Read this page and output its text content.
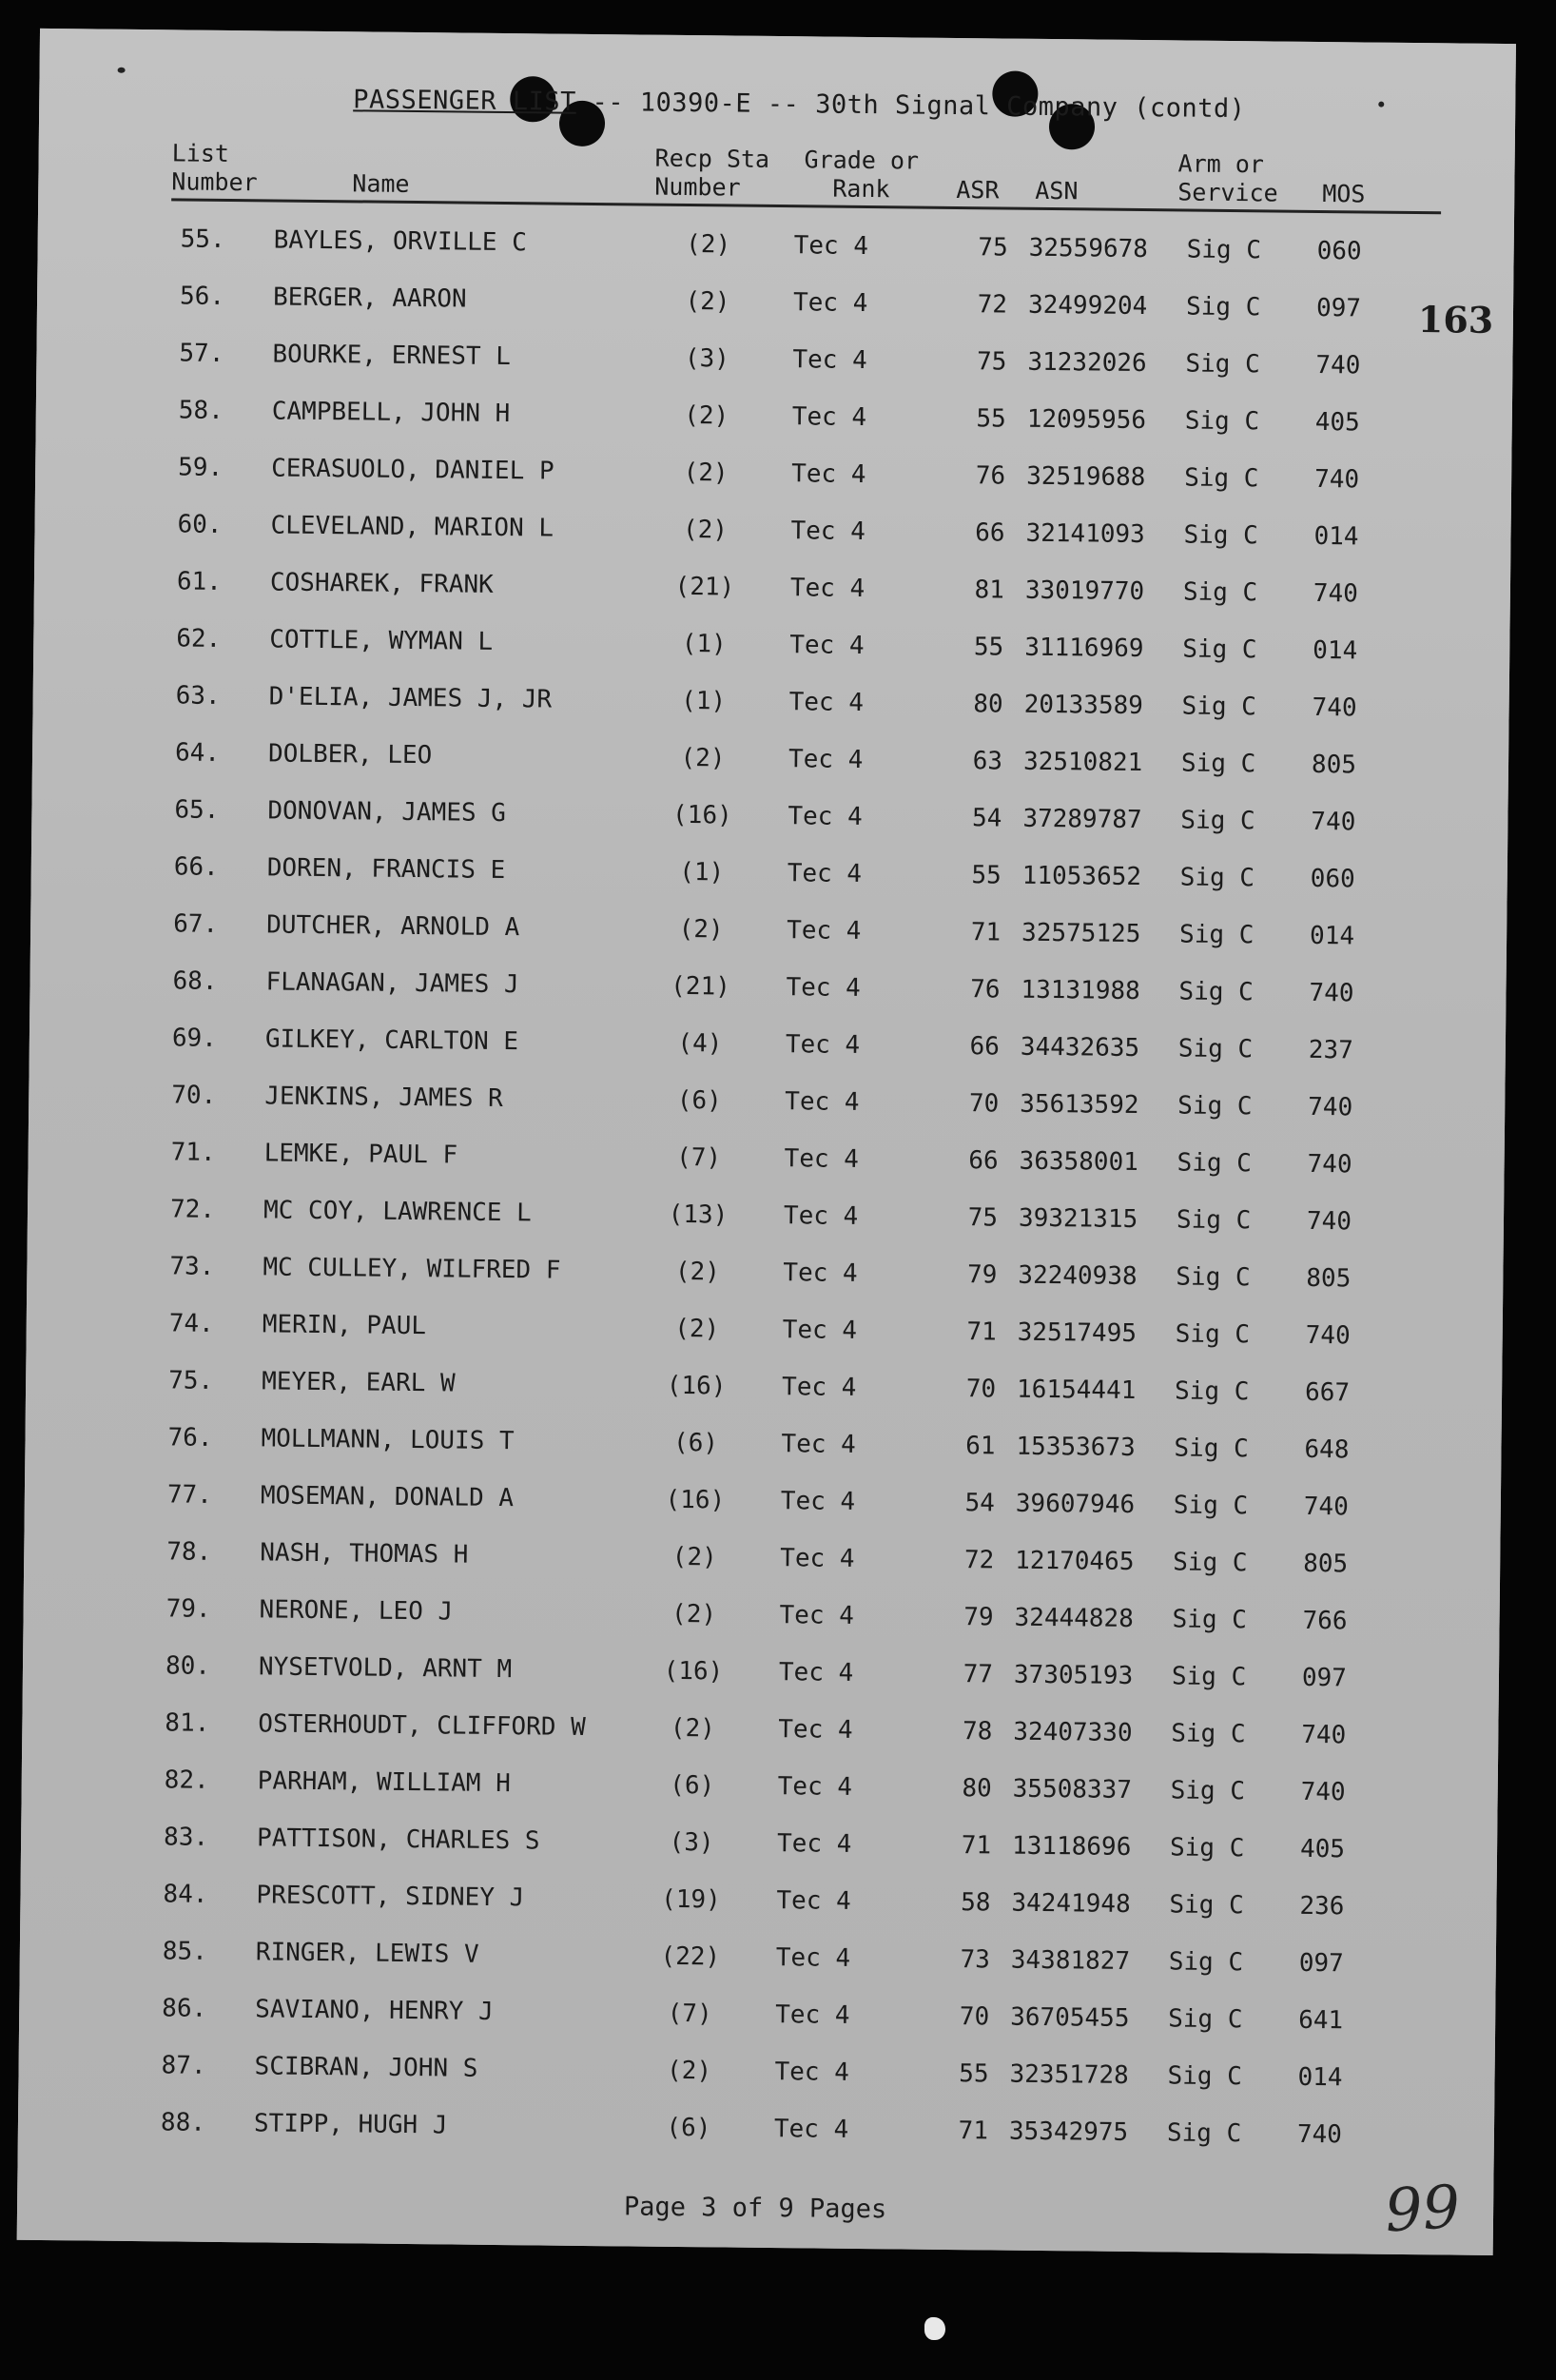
PASSENGER LIST -- 10390-E -- 30th Signal Company (contd)
List
Number	Name
Recp Sta
Number
Grade or
Rank	ASR ASN
Arm or
Service MOS
55. BAYLES, ORVILLE C	(2)	Tec 4	75 32559678 Sig C 060
56. BERGER, AARON	(2)	Tec 4	72 32499204 Sig C 097
57. BOURKE, ERNEST L	(3)	Tec 4	75 31232026 Sig C 740
58. CAMPBELL, JOHN H	(2)	Tec 4	55 12095956 Sig C 405
59. CERASUOLO, DANIEL P	(2)	Tec 4	76 32519688 Sig C 740
60. CLEVELAND, MARION L	(2)	Tec 4	66 32141093 Sig C 014
61. COSHAREK, FRANK	(21)	Tec 4	81 33019770 Sig C 740
62. COTTLE, WYMAN L	(1)	Tec 4	55 31116969 Sig C 014
63. D'ELIA, JAMES J, JR	(1)	Tec 4	80 20133589 Sig C 740
64. DOLBER, LEO	(2)	Tec 4	63 32510821 Sig C 805
65. DONOVAN, JAMES G	(16)	Tec 4	54 37289787 Sig C 740
66. DOREN, FRANCIS E	(1)	Tec 4	55 11053652 Sig C 060
67. DUTCHER, ARNOLD A	(2)	Tec 4	71 32575125 Sig C 014
68. FLANAGAN, JAMES J	(21)	Tec 4	76 13131988 Sig C 740
69. GILKEY, CARLTON E	(4)	Tec 4	66 34432635 Sig C 237
70. JENKINS, JAMES R	(6)	Tec 4	70 35613592 Sig C 740
71. LEMKE, PAUL F	(7)	Tec 4	66 36358001 Sig C 740
72. MC COY, LAWRENCE L	(13)	Tec 4	75 39321315 Sig C 740
73. MC CULLEY, WILFRED F	(2)	Tec 4	79 32240938 Sig C 805
74. MERIN, PAUL	(2)	Tec 4	71 32517495 Sig C 740
75. MEYER, EARL W	(16)	Tec 4	70 16154441 Sig C 667
76. MOLLMANN, LOUIS T	(6)	Tec 4	61 15353673 Sig C 648
77. MOSEMAN, DONALD A	(16)	Tec 4	54 39607946 Sig C 740
78. NASH, THOMAS H	(2)	Tec 4	72 12170465 Sig C 805
79. NERONE, LEO J	(2)	Tec 4	79 32444828 Sig C 766
80. NYSETVOLD, ARNT M	(16)	Tec 4	77 37305193 Sig C 097
81. OSTERHOUDT, CLIFFORD W	(2)	Tec 4	78 32407330 Sig C 740
82. PARHAM, WILLIAM H	(6)	Tec 4	80 35508337 Sig C 740
83. PATTISON, CHARLES S	(3)	Tec 4	71 13118696 Sig C 405
84. PRESCOTT, SIDNEY J	(19)	Tec 4	58 34241948 Sig C 236
85. RINGER, LEWIS V	(22)	Tec 4	73 34381827 Sig C 097
86. SAVIANO, HENRY J	(7)	Tec 4	70 36705455 Sig C 641
87. SCIBRAN, JOHN S	(2)	Tec 4	55 32351728 Sig C 014
88. STIPP, HUGH J	(6)	Tec 4	71 35342975 Sig C 740
163
Page 3 of 9 Pages	99
